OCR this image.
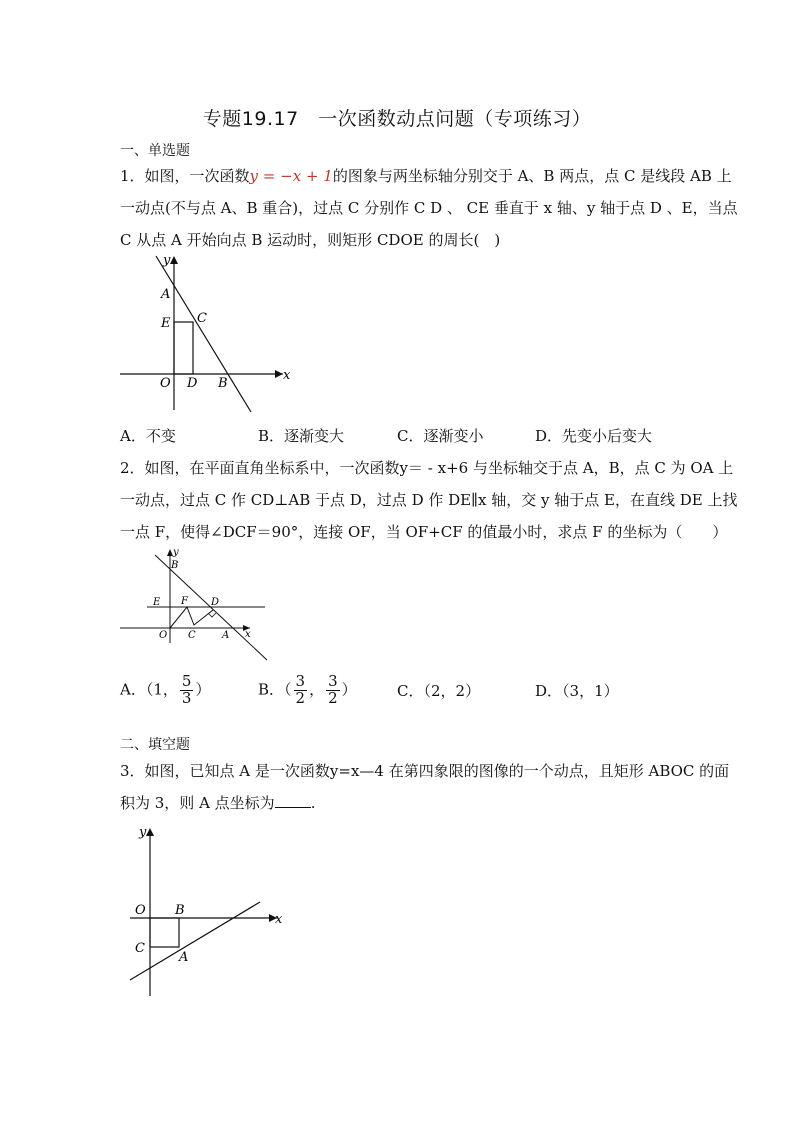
专题19.17　一次函数动点问题（专项练习）
一、单选题
1．如图，一次函数y = −x + 1的图象与两坐标轴分别交于 A、B 两点，点 C 是线段 AB 上
一动点(不与点 A、B 重合)，过点 C 分别作 C D 、 CE 垂直于 x 轴、y 轴于点 D 、E，当点
C 从点 A 开始向点 B 运动时，则矩形 CDOE 的周长(　)
y
A
E C
O D B
x
A．不变	B．逐渐变大	C．逐渐变小	D．先变小后变大
2．如图，在平面直角坐标系中，一次函数y＝ - x+6 与坐标轴交于点 A，B，点 C 为 OA 上
一动点，过点 C 作 CD⊥AB 于点 D，过点 D 作 DE∥x 轴，交 y 轴于点 E，在直线 DE 上找
一点 F，使得∠DCF＝90°，连接 OF，当 OF+CF 的值最小时，求点 F 的坐标为（　　）
y
B
E F D
O C	A x
A．（1， $\frac{5}{3}$ ）	B．（ $\frac{3}{2}$ ， $\frac{3}{2}$ ）	C．（2，2）	D．（3，1）
二、填空题
3．如图，已知点 A 是一次函数y=x—4 在第四象限的图像的一个动点，且矩形 ABOC 的面
积为 3，则 A 点坐标为 .
y
O B
x
C
A
